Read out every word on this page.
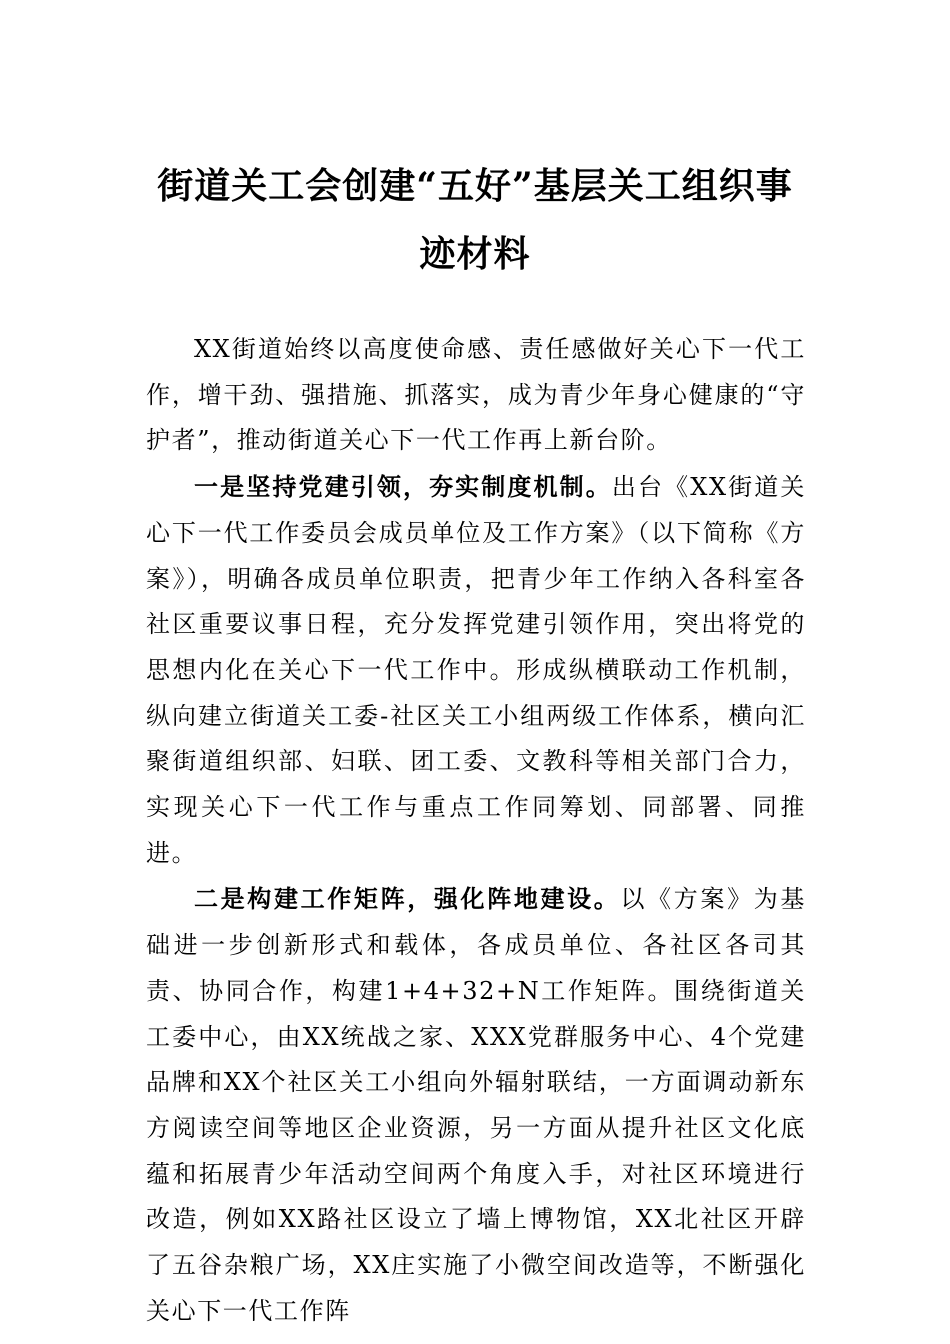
街道关工会创建“五好”基层关工组织事迹材料

XX街道始终以高度使命感、责任感做好关心下一代工作，增干劲、强措施、抓落实，成为青少年身心健康的“守护者”，推动街道关心下一代工作再上新台阶。

一是坚持党建引领，夯实制度机制。出台《XX街道关心下一代工作委员会成员单位及工作方案》（以下简称《方案》），明确各成员单位职责，把青少年工作纳入各科室各社区重要议事日程，充分发挥党建引领作用，突出将党的思想内化在关心下一代工作中。形成纵横联动工作机制，纵向建立街道关工委-社区关工小组两级工作体系，横向汇聚街道组织部、妇联、团工委、文教科等相关部门合力，实现关心下一代工作与重点工作同筹划、同部署、同推进。

二是构建工作矩阵，强化阵地建设。以《方案》为基础进一步创新形式和载体，各成员单位、各社区各司其责、协同合作，构建1+4+32+N工作矩阵。围绕街道关工委中心，由XX统战之家、XXX党群服务中心、4个党建品牌和XX个社区关工小组向外辐射联结，一方面调动新东方阅读空间等地区企业资源，另一方面从提升社区文化底蕴和拓展青少年活动空间两个角度入手，对社区环境进行改造，例如XX路社区设立了墙上博物馆，XX北社区开辟了五谷杂粮广场，XX庄实施了小微空间改造等，不断强化关心下一代工作阵
